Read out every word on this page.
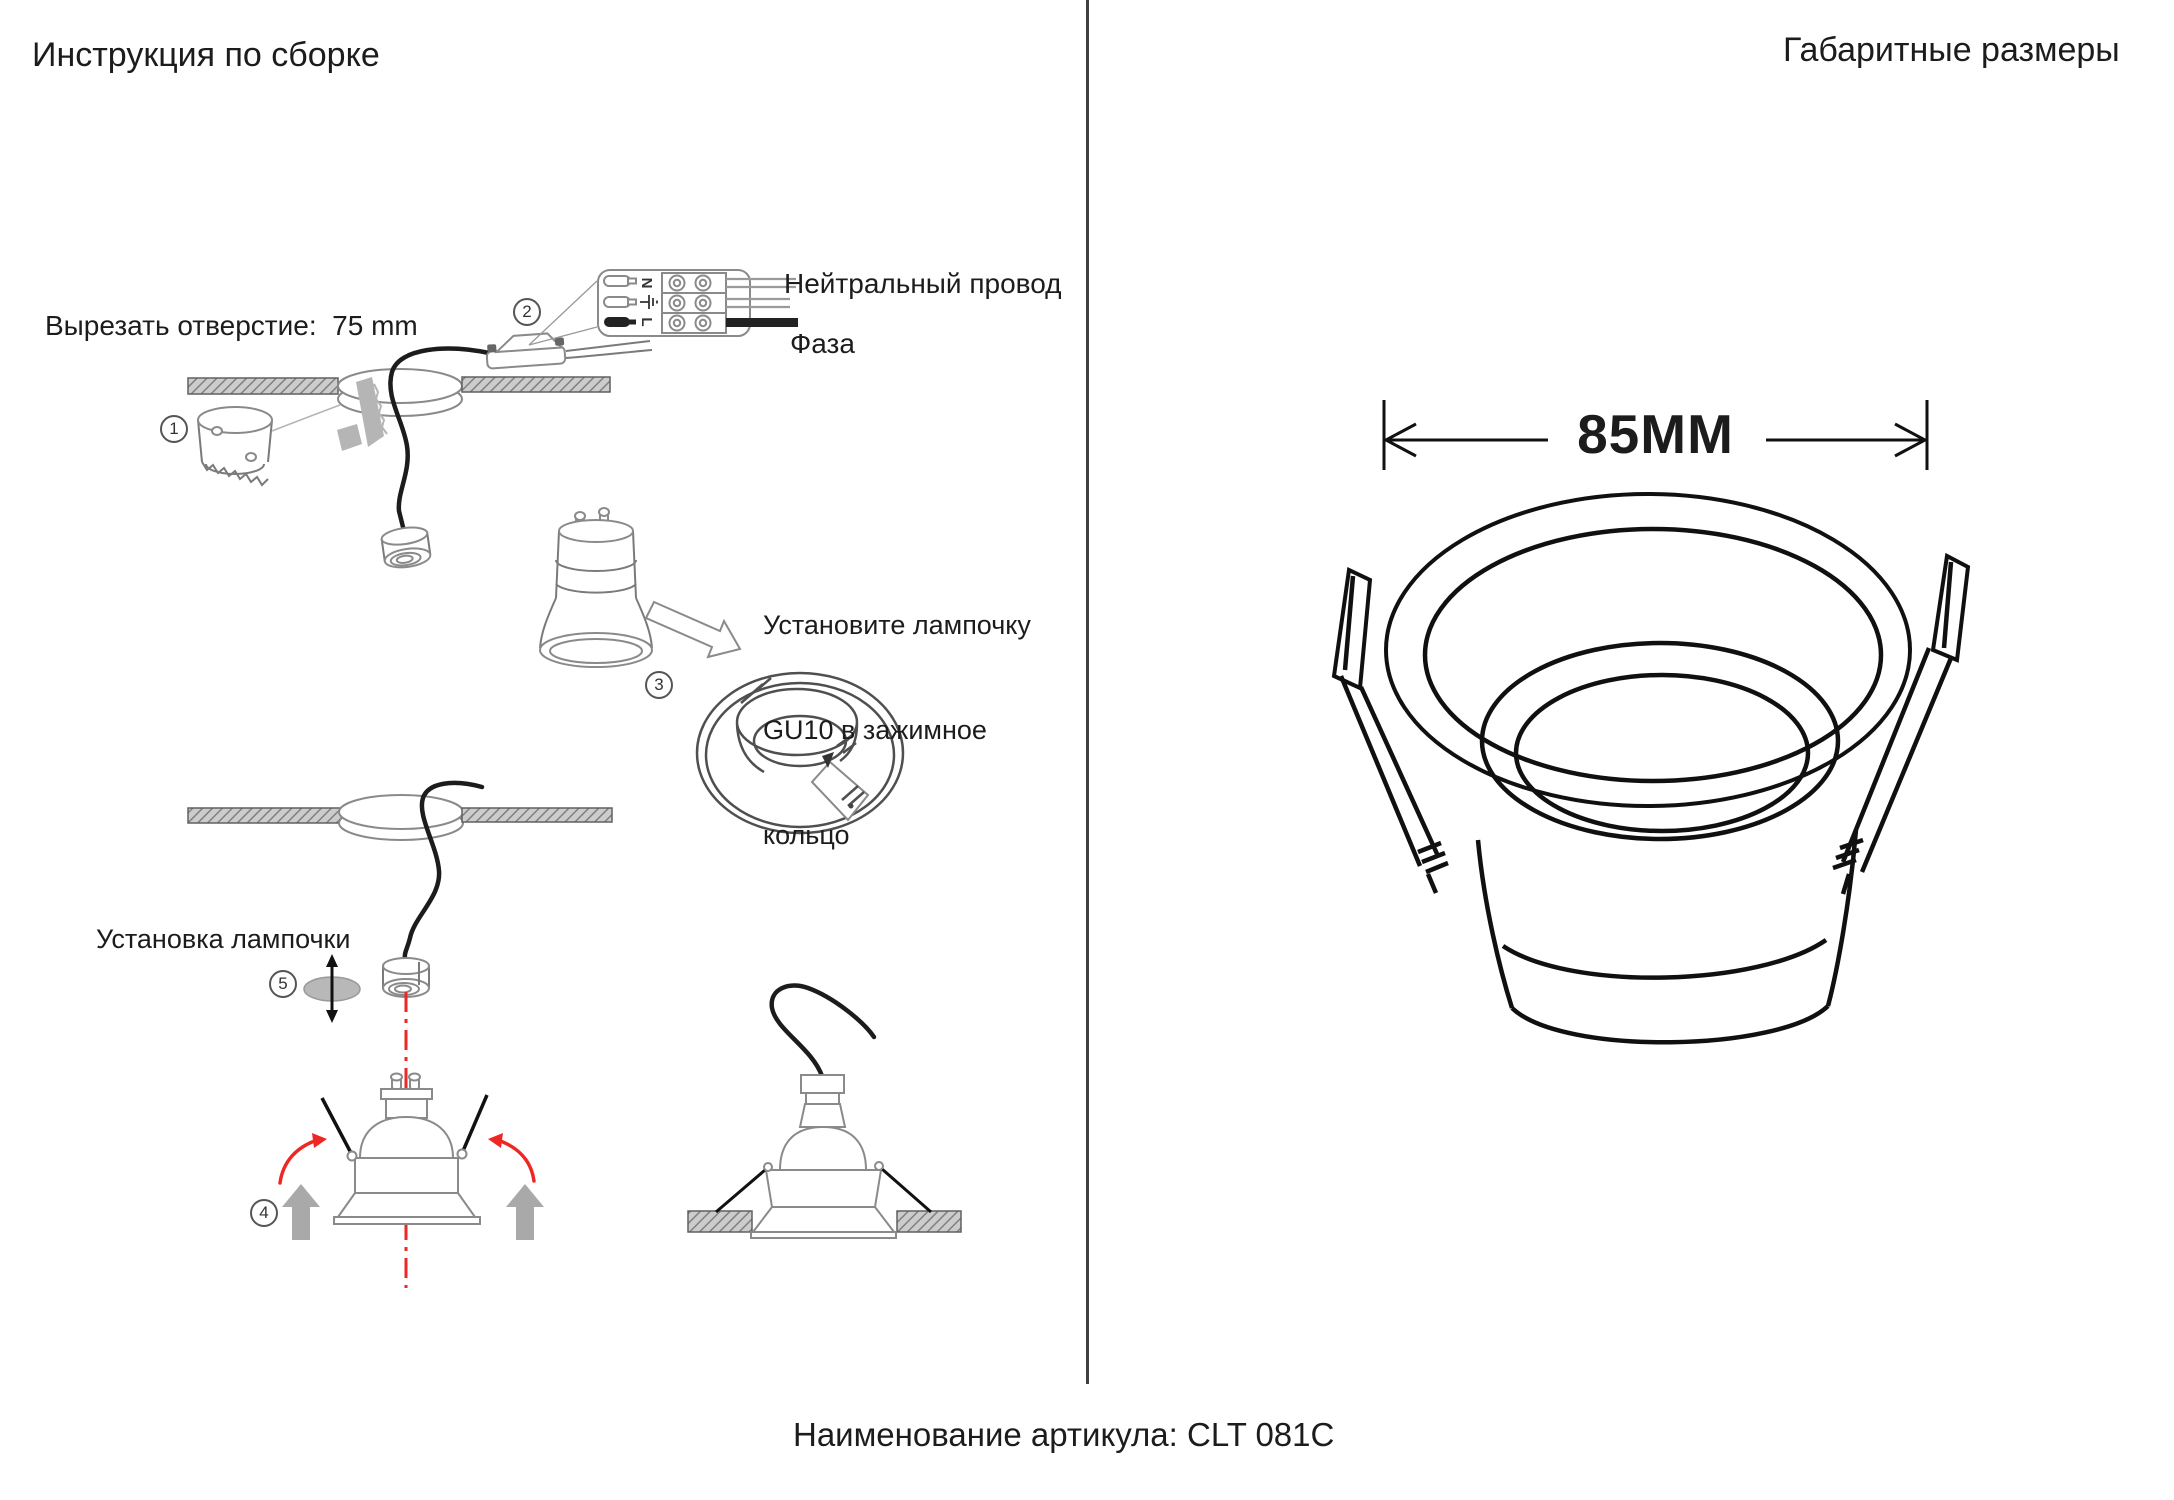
Инструкция по сборке	Габаритные размеры
N
L
Вырезать отверстие:  75 mm
Нейтральный провод
Фаза

Установите лампочку

GU10 в зажимное

кольцо

Установка лампочки
85MM
Наименование артикула: CLT 081C
1
2
3
4
5
